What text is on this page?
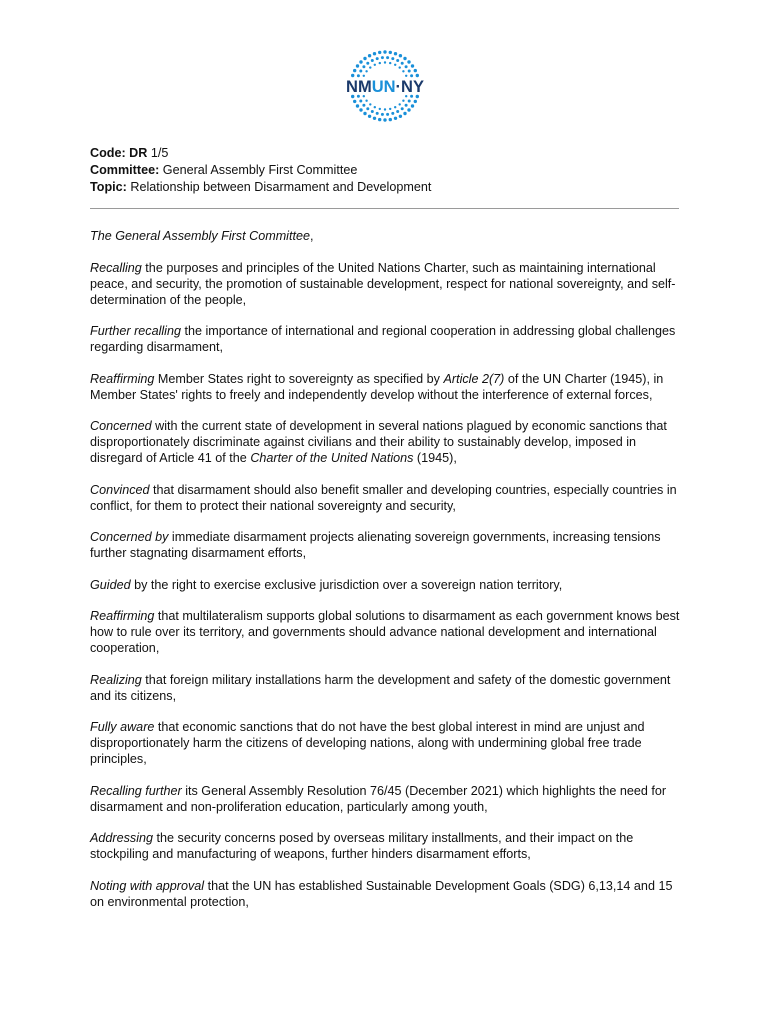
NMUN·NY
Code: DR 1/5
Committee: General Assembly First Committee
Topic: Relationship between Disarmament and Development

The General Assembly First Committee,

Recalling the purposes and principles of the United Nations Charter, such as maintaining international peace, and security, the promotion of sustainable development, respect for national sovereignty, and self-determination of the people,

Further recalling the importance of international and regional cooperation in addressing global challenges regarding disarmament,

Reaffirming Member States right to sovereignty as specified by Article 2(7) of the UN Charter (1945), in Member States' rights to freely and independently develop without the interference of external forces,

Concerned with the current state of development in several nations plagued by economic sanctions that disproportionately discriminate against civilians and their ability to sustainably develop, imposed in disregard of Article 41 of the Charter of the United Nations (1945),

Convinced that disarmament should also benefit smaller and developing countries, especially countries in conflict, for them to protect their national sovereignty and security,

Concerned by immediate disarmament projects alienating sovereign governments, increasing tensions further stagnating disarmament efforts,

Guided by the right to exercise exclusive jurisdiction over a sovereign nation territory,

Reaffirming that multilateralism supports global solutions to disarmament as each government knows best how to rule over its territory, and governments should advance national development and international cooperation,

Realizing that foreign military installations harm the development and safety of the domestic government and its citizens,

Fully aware that economic sanctions that do not have the best global interest in mind are unjust and disproportionately harm the citizens of developing nations, along with undermining global free trade principles,

Recalling further its General Assembly Resolution 76/45 (December 2021) which highlights the need for disarmament and non-proliferation education, particularly among youth,

Addressing the security concerns posed by overseas military installments, and their impact on the stockpiling and manufacturing of weapons, further hinders disarmament efforts,

Noting with approval that the UN has established Sustainable Development Goals (SDG) 6,13,14 and 15 on environmental protection,
